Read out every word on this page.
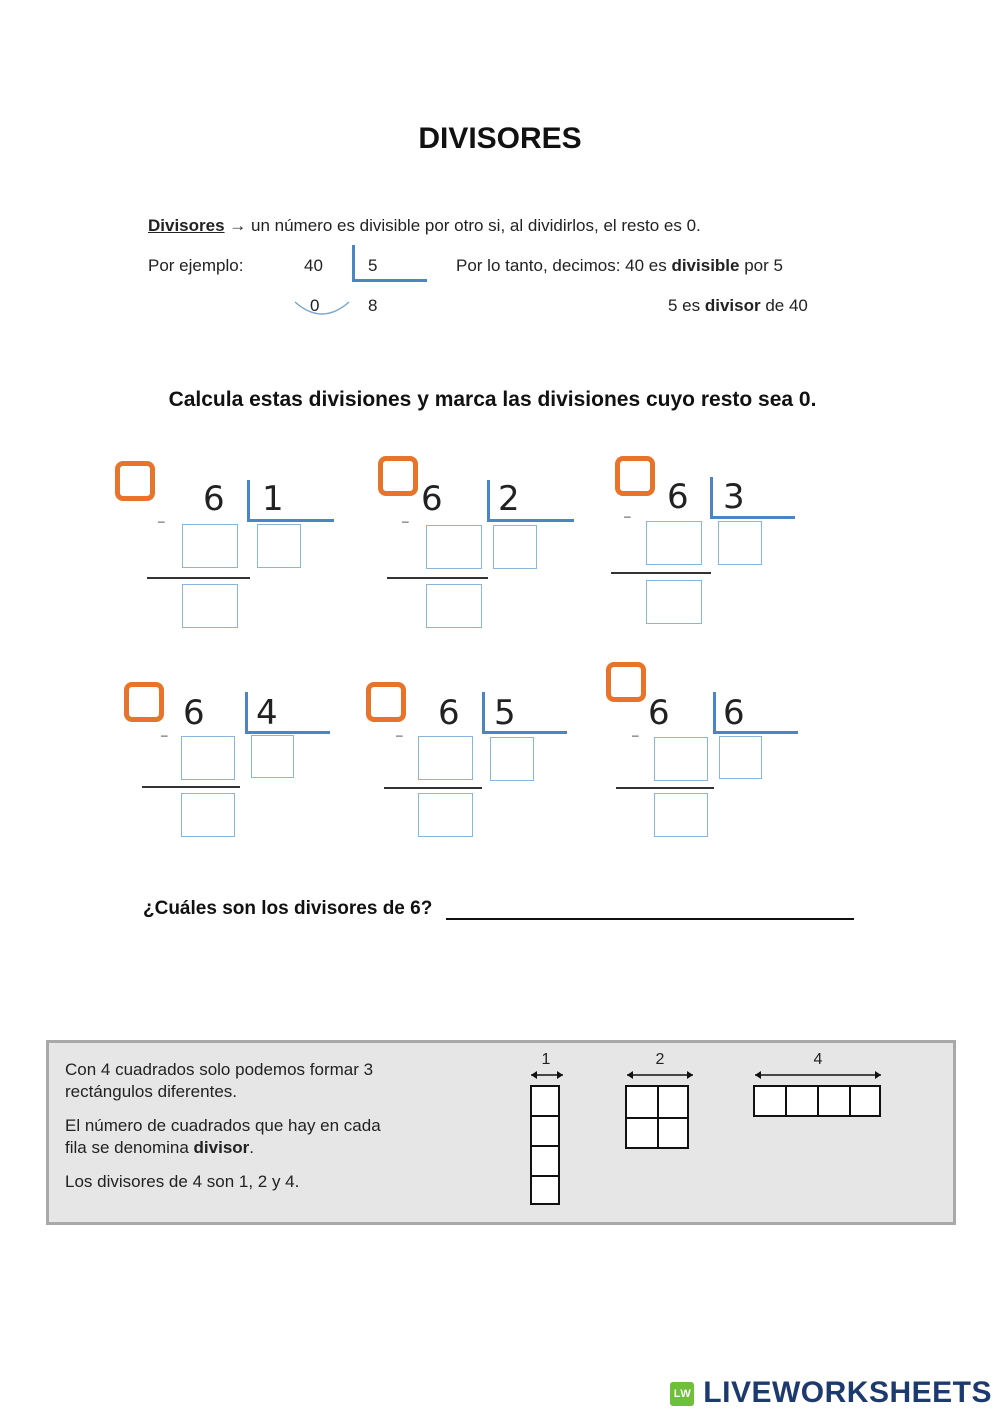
DIVISORES
Divisores → un número es divisible por otro si, al dividirlos, el resto es 0.
Por ejemplo:	40	5
0	8
Por lo tanto, decimos: 40 es divisible por 5
5 es divisor de 40
Calcula estas divisiones y marca las divisiones cuyo resto sea 0.
6 1
–
6 2
–
6 3
–
6 4
–
6 5
–
6 6
–
¿Cuáles son los divisores de 6?

Con 4 cuadrados solo podemos formar 3

rectángulos diferentes.

El número de cuadrados que hay en cada

fila se denomina divisor.

Los divisores de 4 son 1, 2 y 4.

1	2	4
LW LIVEWORKSHEETS
